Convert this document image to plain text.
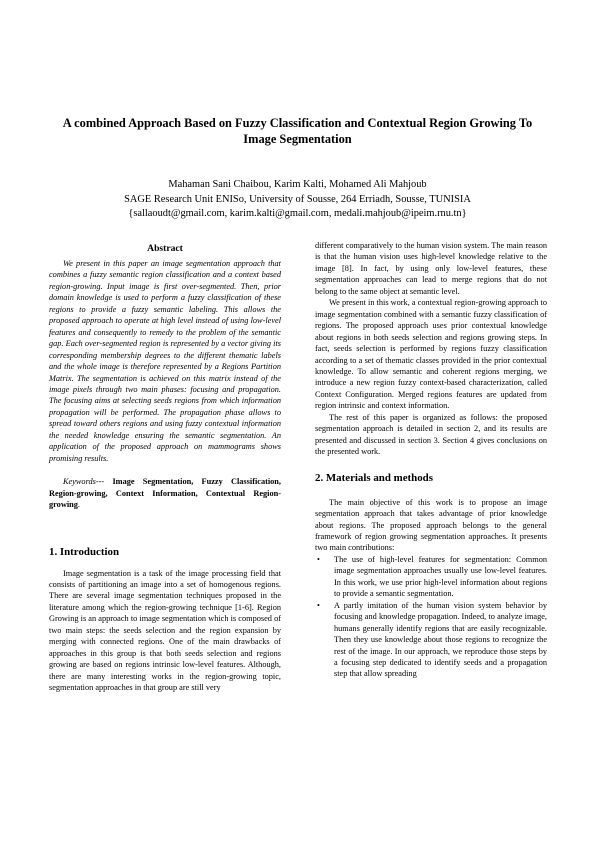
A combined Approach Based on Fuzzy Classification and Contextual Region Growing To Image Segmentation
Mahaman Sani Chaibou, Karim Kalti, Mohamed Ali Mahjoub
SAGE Research Unit ENISo, University of Sousse, 264 Erriadh, Sousse, TUNISIA
{sallaoudt@gmail.com, karim.kalti@gmail.com, medali.mahjoub@ipeim.rnu.tn}
Abstract

We present in this paper an image segmentation approach that combines a fuzzy semantic region classification and a context based region-growing. Input image is first over-segmented. Then, prior domain knowledge is used to perform a fuzzy classification of these regions to provide a fuzzy semantic labeling. This allows the proposed approach to operate at high level instead of using low-level features and consequently to remedy to the problem of the semantic gap. Each over-segmented region is represented by a vector giving its corresponding membership degrees to the different thematic labels and the whole image is therefore represented by a Regions Partition Matrix. The segmentation is achieved on this matrix instead of the image pixels through two main phases: focusing and propagation. The focusing aims at selecting seeds regions from which information propagation will be performed. The propagation phase allows to spread toward others regions and using fuzzy contextual information the needed knowledge ensuring the semantic segmentation. An application of the proposed approach on mammograms shows promising results.

Keywords--- Image Segmentation, Fuzzy Classification, Region-growing, Context Information, Contextual Region-growing.

1. Introduction

Image segmentation is a task of the image processing field that consists of partitioning an image into a set of homogenous regions. There are several image segmentation techniques proposed in the literature among which the region-growing technique [1-6]. Region Growing is an approach to image segmentation which is composed of two main steps: the seeds selection and the region expansion by merging with connected regions. One of the main drawbacks of approaches in this group is that both seeds selection and regions growing are based on regions intrinsic low-level features. Although, there are many interesting works in the region-growing topic, segmentation approaches in that group are still very

different comparatively to the human vision system. The main reason is that the human vision uses high-level knowledge relative to the image [8]. In fact, by using only low-level features, these segmentation approaches can lead to merge regions that do not belong to the same object at semantic level.

We present in this work, a contextual region-growing approach to image segmentation combined with a semantic fuzzy classification of regions. The proposed approach uses prior contextual knowledge about regions in both seeds selection and regions growing steps. In fact, seeds selection is performed by regions fuzzy classification according to a set of thematic classes provided in the prior contextual knowledge. To allow semantic and coherent regions merging, we introduce a new region fuzzy context-based characterization, called Context Configuration. Merged regions features are updated from region intrinsic and context information.

The rest of this paper is organized as follows: the proposed segmentation approach is detailed in section 2, and its results are presented and discussed in section 3. Section 4 gives conclusions on the presented work.

2. Materials and methods

The main objective of this work is to propose an image segmentation approach that takes advantage of prior knowledge about regions. The proposed approach belongs to the general framework of region growing segmentation approaches. It presents two main contributions:

• The use of high-level features for segmentation: Common image segmentation approaches usually use low-level features. In this work, we use prior high-level information about regions to provide a semantic segmentation.
• A partly imitation of the human vision system behavior by focusing and knowledge propagation. Indeed, to analyze image, humans generally identify regions that are easily recognizable. Then they use knowledge about those regions to recognize the rest of the image. In our approach, we reproduce those steps by a focusing step dedicated to identify seeds and a propagation step that allow spreading
